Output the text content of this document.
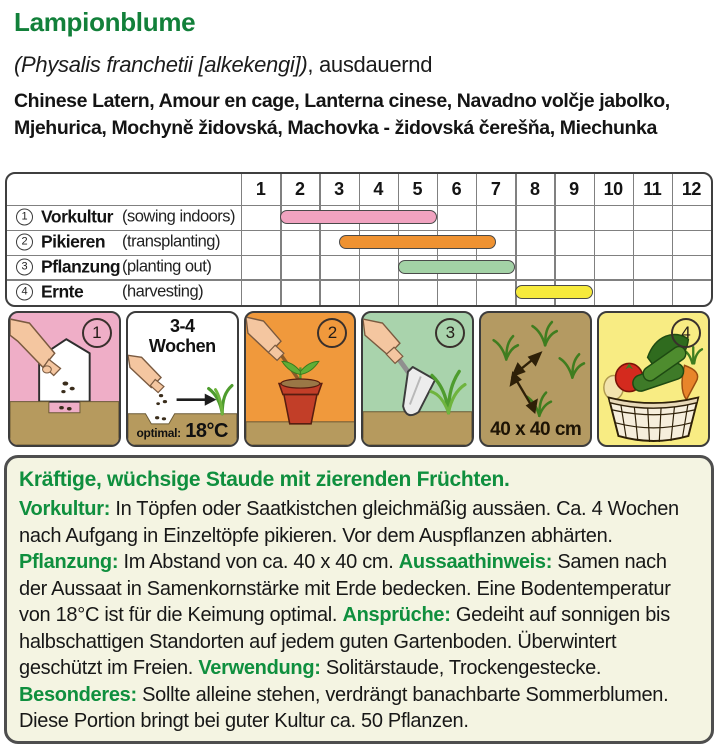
Lampionblume
(Physalis franchetii [alkekengi]), ausdauernd
Chinese Latern, Amour en cage, Lanterna cinese, Navadno volčje jabolko,
Mjehurica, Mochyně židovská, Machovka - židovská čerešňa, Miechunka
1	2	3	4	5	6	7	8	9	10	11	12
1 Vorkultur (sowing indoors)
2 Pikieren (transplanting)
3 Pflanzung (planting out)
4 Ernte (harvesting)
1	3-4
Wochen
optimal: 18°C
2	3
40 x 40 cm
4
Kräftige, wüchsige Staude mit zierenden Früchten.

Vorkultur: In Töpfen oder Saatkistchen gleichmäßig aussäen. Ca. 4 Wochen nach Aufgang in Einzeltöpfe pikieren. Vor dem Auspflanzen abhärten.

Pflanzung: Im Abstand von ca. 40 x 40 cm. Aussaathinweis: Samen nach der Aussaat in Samenkornstärke mit Erde bedecken. Eine Bodentemperatur von 18°C ist für die Keimung optimal. Ansprüche: Gedeiht auf sonnigen bis halbschattigen Standorten auf jedem guten Gartenboden. Überwintert geschützt im Freien. Verwendung: Solitärstaude, Trockengestecke.

Besonderes: Sollte alleine stehen, verdrängt banachbarte Sommerblumen. Diese Portion bringt bei guter Kultur ca. 50 Pflanzen.
